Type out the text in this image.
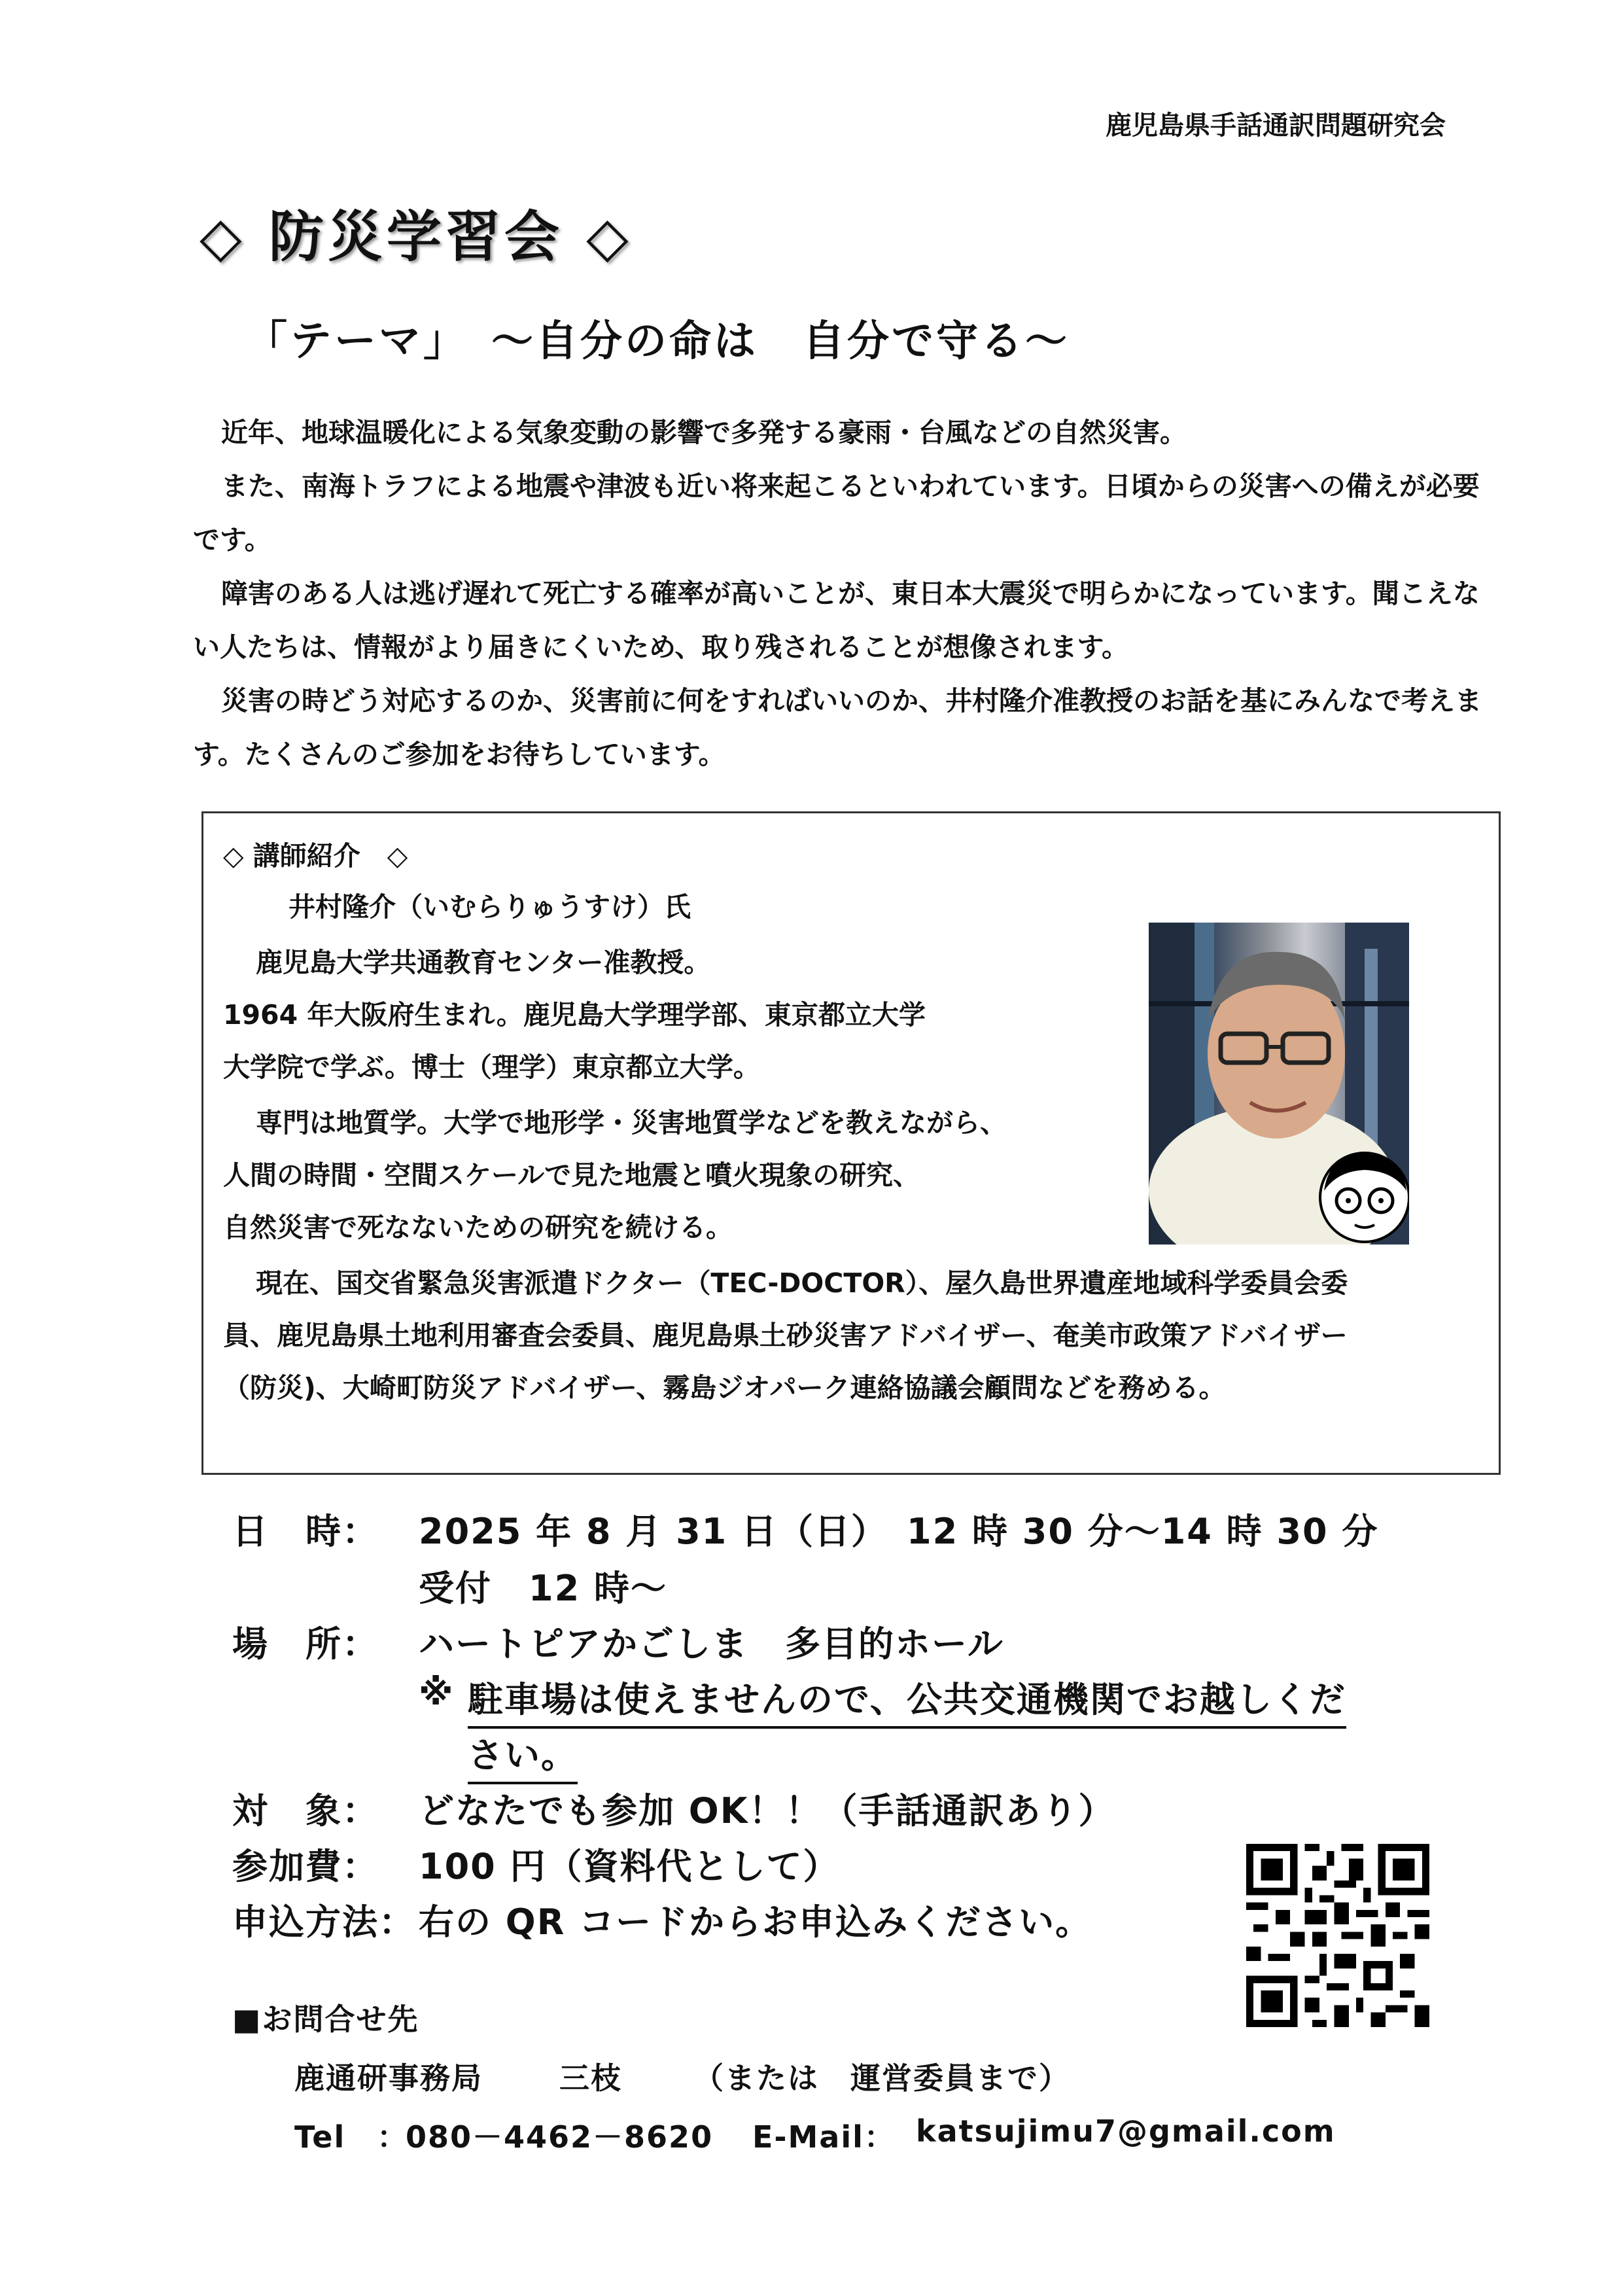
鹿児島県手話通訳問題研究会
◇ 防災学習会 ◇
「テーマ」　～自分の命は　自分で守る～

近年、地球温暖化による気象変動の影響で多発する豪雨・台風などの自然災害。

また、南海トラフによる地震や津波も近い将来起こるといわれています。日頃からの災害への備えが必要です。

障害のある人は逃げ遅れて死亡する確率が高いことが、東日本大震災で明らかになっています。聞こえない人たちは、情報がより届きにくいため、取り残されることが想像されます。

災害の時どう対応するのか、災害前に何をすればいいのか、井村隆介准教授のお話を基にみんなで考えます。たくさんのご参加をお待ちしています。

◇ 講師紹介　◇
井村隆介（いむらりゅうすけ）氏
鹿児島大学共通教育センター准教授。
1964 年大阪府生まれ。鹿児島大学理学部、東京都立大学
大学院で学ぶ。博士（理学）東京都立大学。
専門は地質学。大学で地形学・災害地質学などを教えながら、
人間の時間・空間スケールで見た地震と噴火現象の研究、
自然災害で死なないための研究を続ける。
現在、国交省緊急災害派遣ドクター（TEC-DOCTOR）、屋久島世界遺産地域科学委員会委
員、鹿児島県土地利用審査会委員、鹿児島県土砂災害アドバイザー、奄美市政策アドバイザー
（防災)、大崎町防災アドバイザー、霧島ジオパーク連絡協議会顧問などを務める。
日　時： 2025 年 8 月 31 日（日）　12 時 30 分～14 時 30 分
受付　12 時～
場　所： ハートピアかごしま　多目的ホール
※ 駐車場は使えませんので、公共交通機関でお越しくだ
さい。
対　象： どなたでも参加 OK！！（手話通訳あり）
参加費： 100 円（資料代として）
申込方法： 右の QR コードからお申込みください。
■お問合せ先
鹿通研事務局	三枝 （または　運営委員まで）
Tel　：
080－4462－8620 E-Mail： katsujimu7@gmail.com
